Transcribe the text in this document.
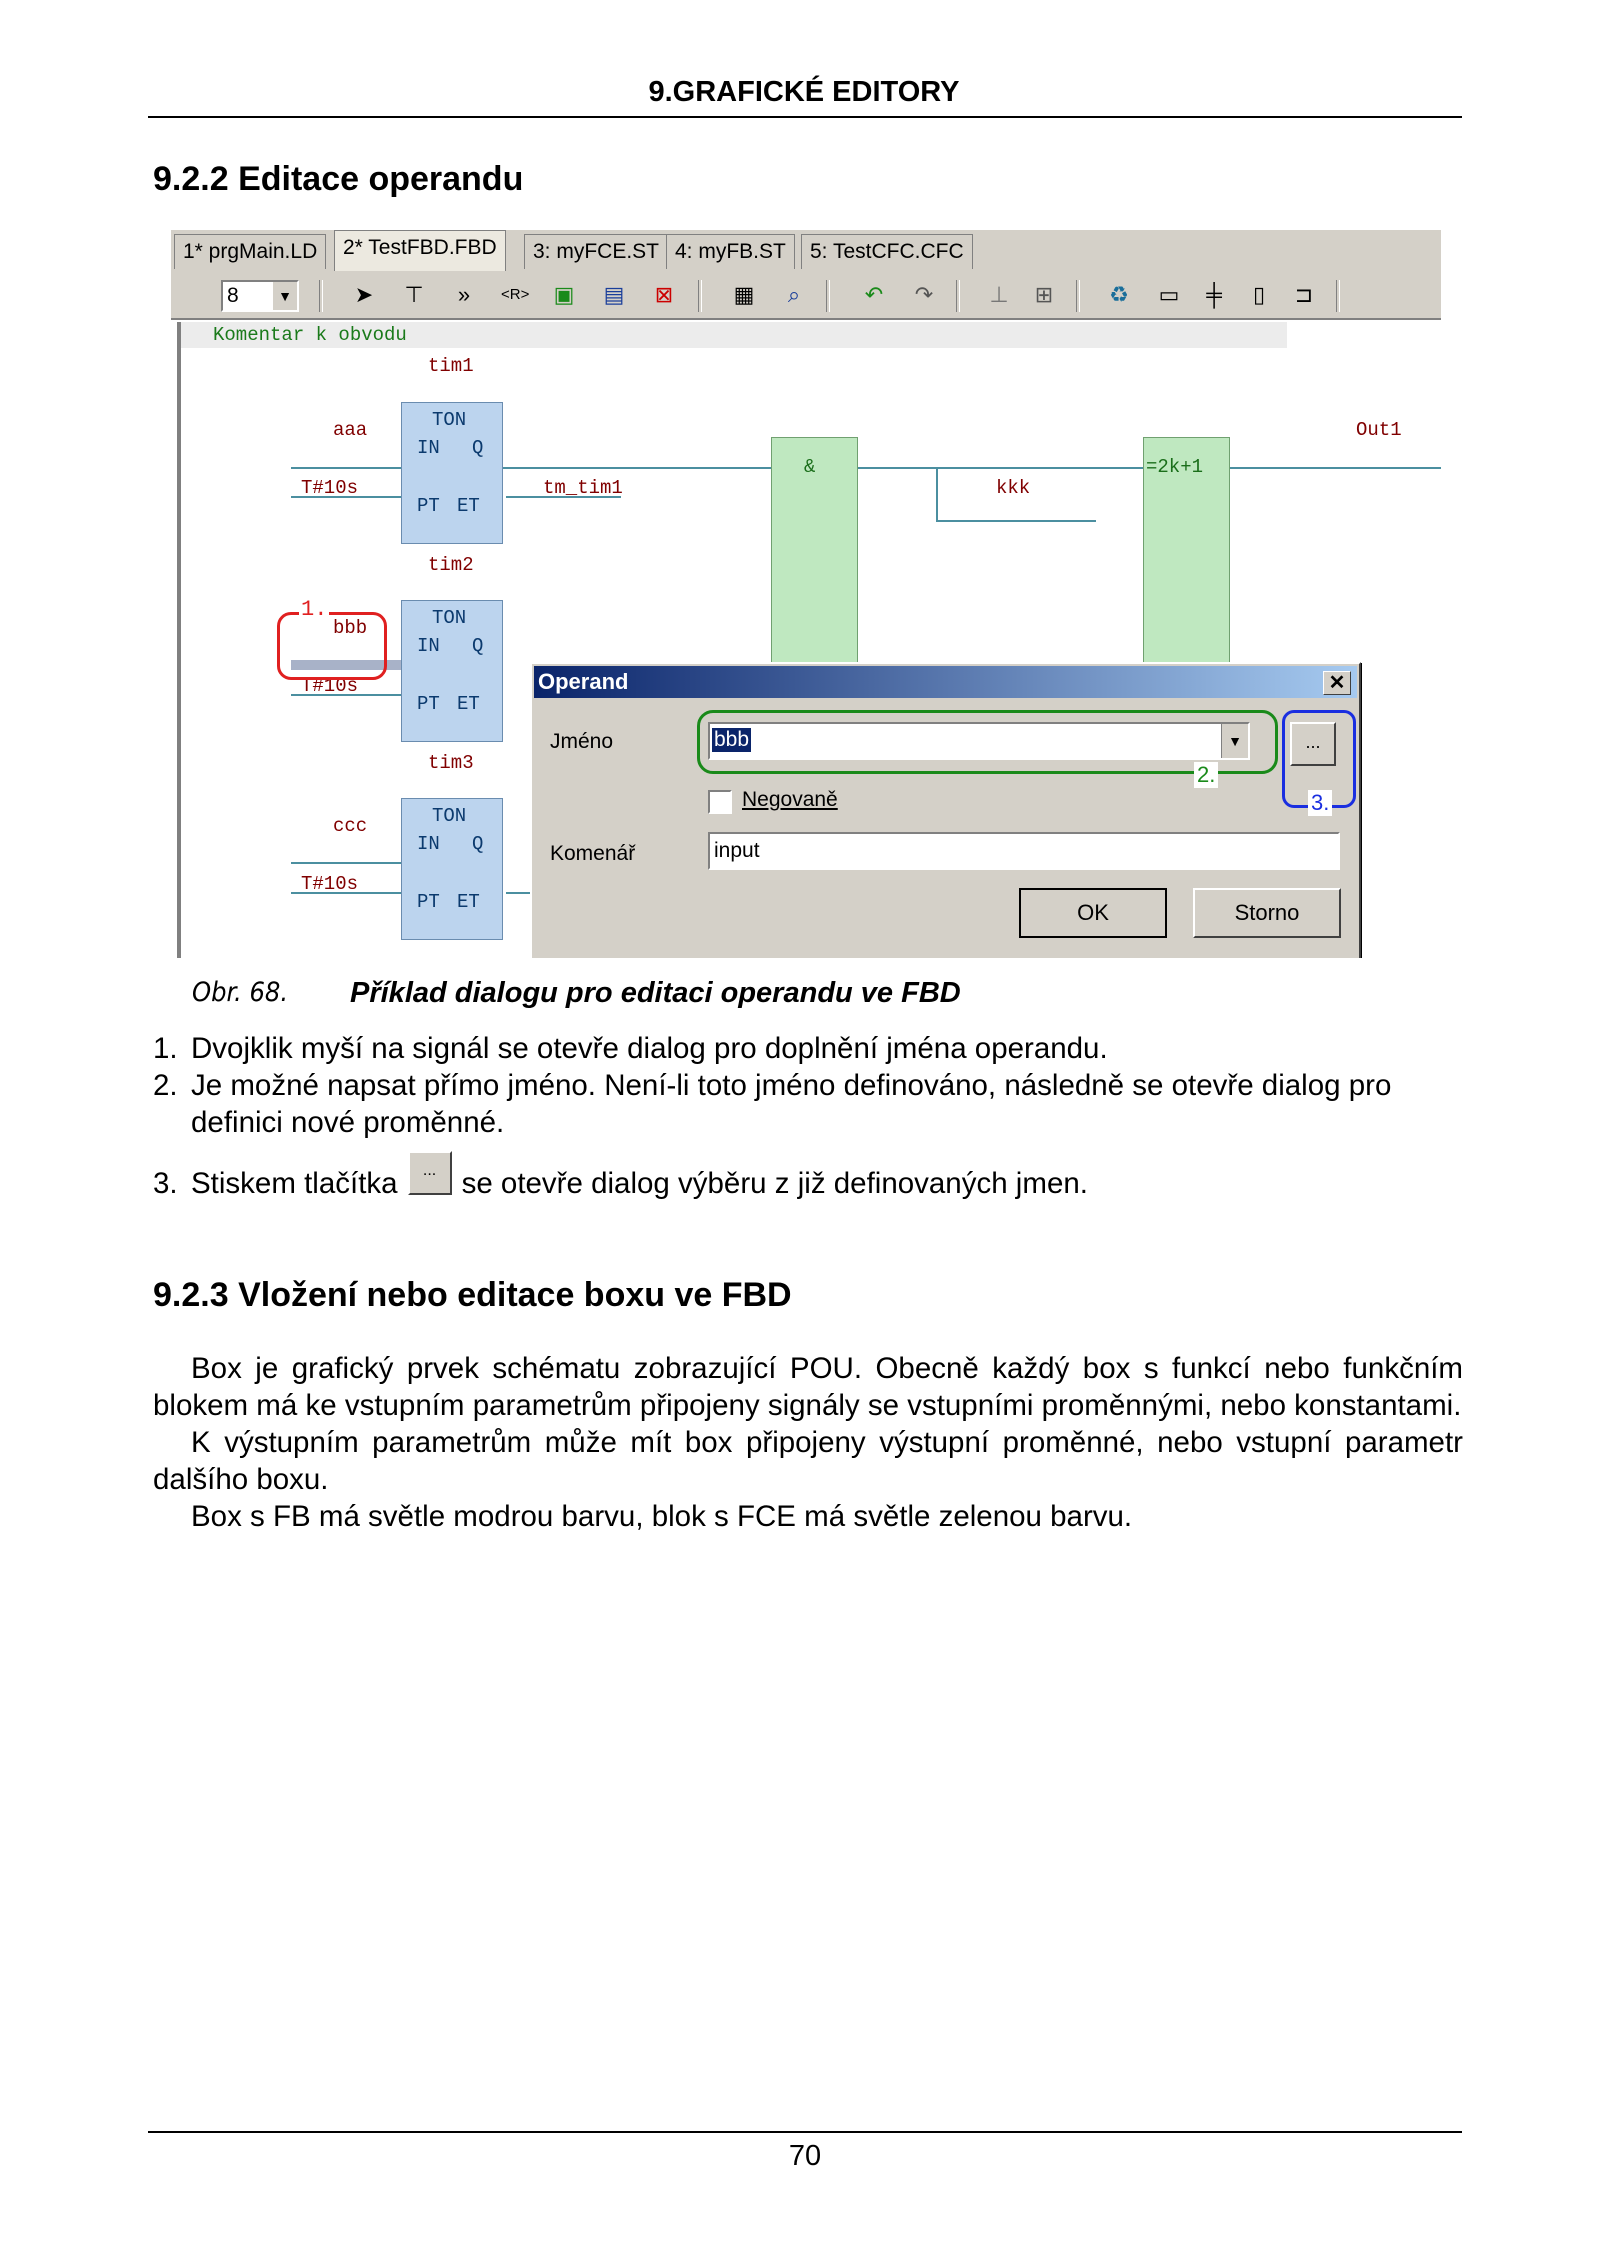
9.GRAFICKÉ EDITORY
9.2.2 Editace operandu
1* prgMain.LD	2* TestFBD.FBD	3: myFCE.ST 4: myFB.ST	5: TestCFC.CFC
8	▼	➤ ⊤	»	<R> ▣ ▤ ⊠	▦	⌕	↶ ↷	⊥ ⊞	♻ ▭ ╪	▯	⊐
Komentar k obvodu
tim1
TON
IN Q
PT ET
aaa
T#10s	tm_tim1
&
kkk
=2k+1
Out1
tim2
TON
IN Q
PT ET
bbb
T#10s
1.
tim3
TON
IN Q
PT ET
ccc
T#10s
Operand	✕
Jméno	bbb	▼
2.
...
3.
Negovaně
Komenář	input
OK	Storno
Obr. 68. Příklad dialogu pro editaci operandu ve FBD
1. Dvojklik myší na signál se otevře dialog pro doplnění jména operandu.
2. Je možné napsat přímo jméno. Není-li toto jméno definováno, následně se otevře dialog pro definici nové proměnné.
3. Stiskem tlačítka	... se otevře dialog výběru z již definovaných jmen.
9.2.3 Vložení nebo editace boxu ve FBD
Box je grafický prvek schématu zobrazující POU. Obecně každý box s funkcí nebo funkčním blokem má ke vstupním parametrům připojeny signály se vstupními proměnnými, nebo konstantami.
K výstupním parametrům může mít box připojeny výstupní proměnné, nebo vstupní parametr dalšího boxu.
Box s FB má světle modrou barvu, blok s FCE má světle zelenou barvu.
70
